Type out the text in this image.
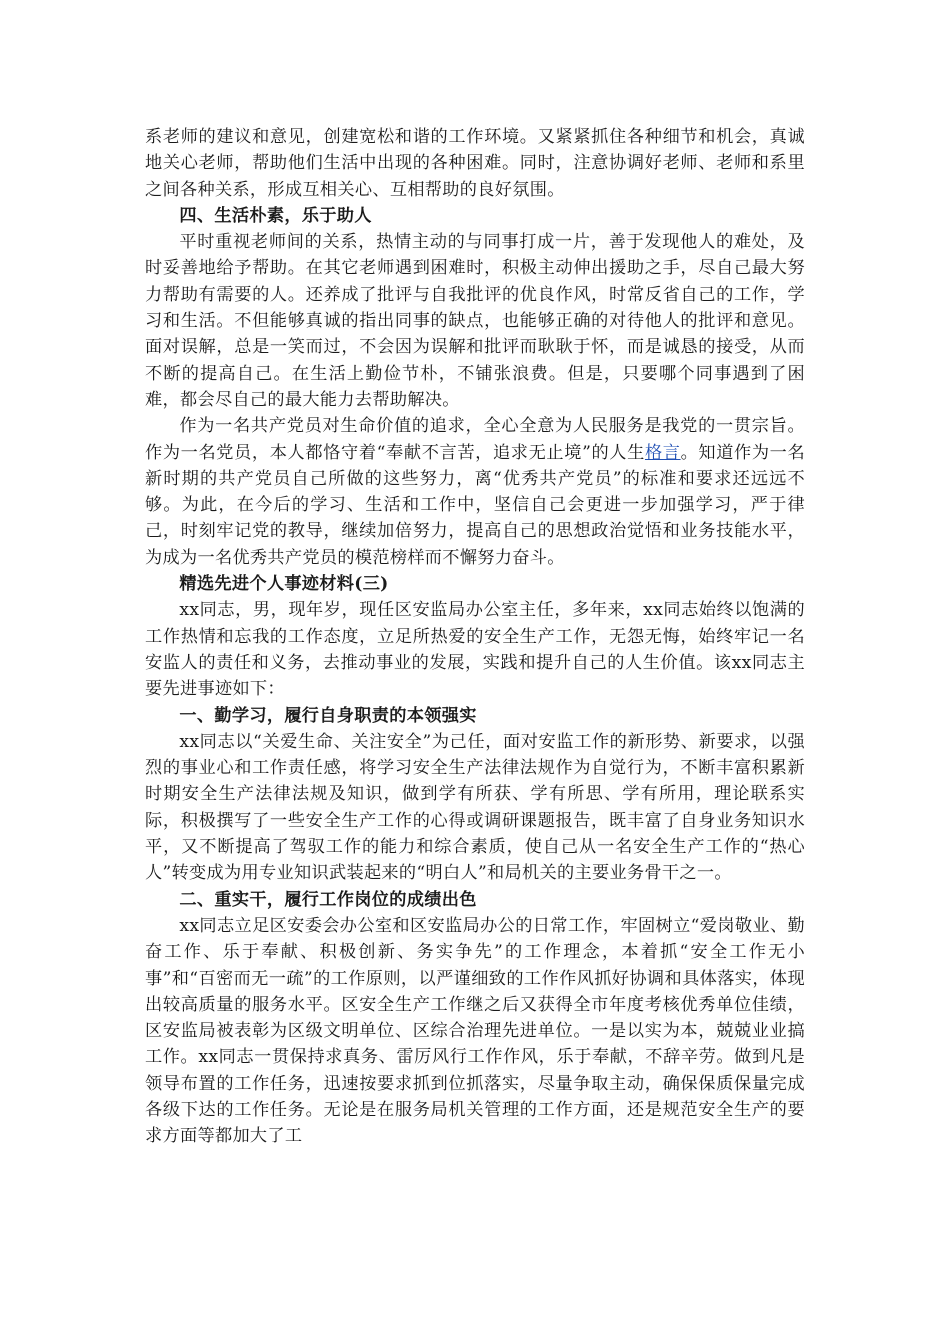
系老师的建议和意见，创建宽松和谐的工作环境。又紧紧抓住各种细节和机会，真诚地关心老师，帮助他们生活中出现的各种困难。同时，注意协调好老师、老师和系里之间各种关系，形成互相关心、互相帮助的良好氛围。

四、生活朴素，乐于助人

平时重视老师间的关系，热情主动的与同事打成一片，善于发现他人的难处，及时妥善地给予帮助。在其它老师遇到困难时，积极主动伸出援助之手，尽自己最大努力帮助有需要的人。还养成了批评与自我批评的优良作风，时常反省自己的工作，学习和生活。不但能够真诚的指出同事的缺点，也能够正确的对待他人的批评和意见。面对误解，总是一笑而过，不会因为误解和批评而耿耿于怀，而是诚恳的接受，从而不断的提高自己。在生活上勤俭节朴，不铺张浪费。但是，只要哪个同事遇到了困难，都会尽自己的最大能力去帮助解决。

作为一名共产党员对生命价值的追求，全心全意为人民服务是我党的一贯宗旨。作为一名党员，本人都恪守着“奉献不言苦，追求无止境”的人生格言。知道作为一名新时期的共产党员自己所做的这些努力，离“优秀共产党员”的标准和要求还远远不够。为此，在今后的学习、生活和工作中，坚信自己会更进一步加强学习，严于律己，时刻牢记党的教导，继续加倍努力，提高自己的思想政治觉悟和业务技能水平，为成为一名优秀共产党员的模范榜样而不懈努力奋斗。

精选先进个人事迹材料(三)

xx同志，男，现年岁，现任区安监局办公室主任，多年来，xx同志始终以饱满的工作热情和忘我的工作态度，立足所热爱的安全生产工作，无怨无悔，始终牢记一名安监人的责任和义务，去推动事业的发展，实践和提升自己的人生价值。该xx同志主要先进事迹如下：

一、勤学习，履行自身职责的本领强实

xx同志以“关爱生命、关注安全”为己任，面对安监工作的新形势、新要求，以强烈的事业心和工作责任感，将学习安全生产法律法规作为自觉行为，不断丰富积累新时期安全生产法律法规及知识，做到学有所获、学有所思、学有所用，理论联系实际，积极撰写了一些安全生产工作的心得或调研课题报告，既丰富了自身业务知识水平，又不断提高了驾驭工作的能力和综合素质，使自己从一名安全生产工作的“热心人”转变成为用专业知识武装起来的“明白人”和局机关的主要业务骨干之一。

二、重实干，履行工作岗位的成绩出色

xx同志立足区安委会办公室和区安监局办公的日常工作，牢固树立“爱岗敬业、勤奋工作、乐于奉献、积极创新、务实争先”的工作理念，本着抓“安全工作无小事”和“百密而无一疏”的工作原则，以严谨细致的工作作风抓好协调和具体落实，体现出较高质量的服务水平。区安全生产工作继之后又获得全市年度考核优秀单位佳绩，区安监局被表彰为区级文明单位、区综合治理先进单位。一是以实为本，兢兢业业搞工作。xx同志一贯保持求真务、雷厉风行工作作风，乐于奉献，不辞辛劳。做到凡是领导布置的工作任务，迅速按要求抓到位抓落实，尽量争取主动，确保保质保量完成各级下达的工作任务。无论是在服务局机关管理的工作方面，还是规范安全生产的要求方面等都加大了工
